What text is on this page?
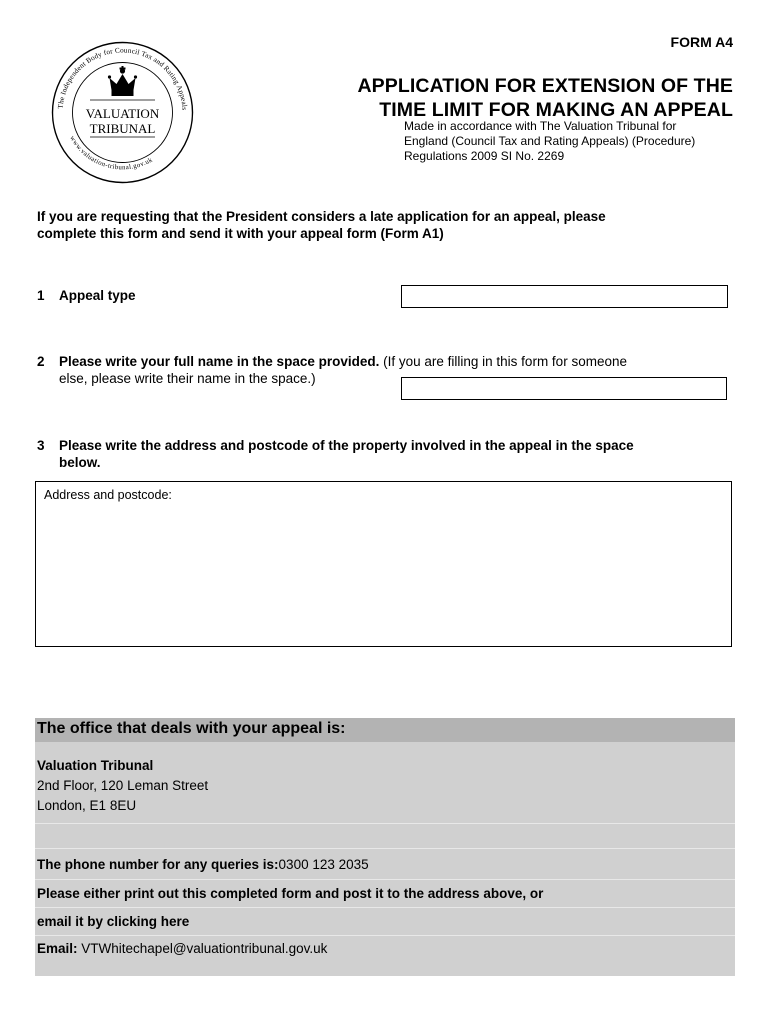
FORM A4
The Independent Body for Council Tax and Rating Appeals
www.valuation-tribunal.gov.uk
VALUATION
TRIBUNAL
APPLICATION FOR EXTENSION OF THE
TIME LIMIT FOR MAKING AN APPEAL
Made in accordance with The Valuation Tribunal for
England (Council Tax and Rating Appeals) (Procedure)
Regulations 2009 SI No. 2269
If you are requesting that the President considers a late application for an appeal, please
complete this form and send it with your appeal form (Form A1)
1	Appeal type
2	Please write your full name in the space provided. (If you are filling in this form for someone
else, please write their name in the space.)
3 Please write the address and postcode of the property involved in the appeal in the space
below.
Address and postcode:
The office that deals with your appeal is:
Valuation Tribunal
2nd Floor, 120 Leman Street
London, E1 8EU
The phone number for any queries is:0300 123 2035
Please either print out this completed form and post it to the address above, or
email it by clicking here
Email: VTWhitechapel@valuationtribunal.gov.uk
